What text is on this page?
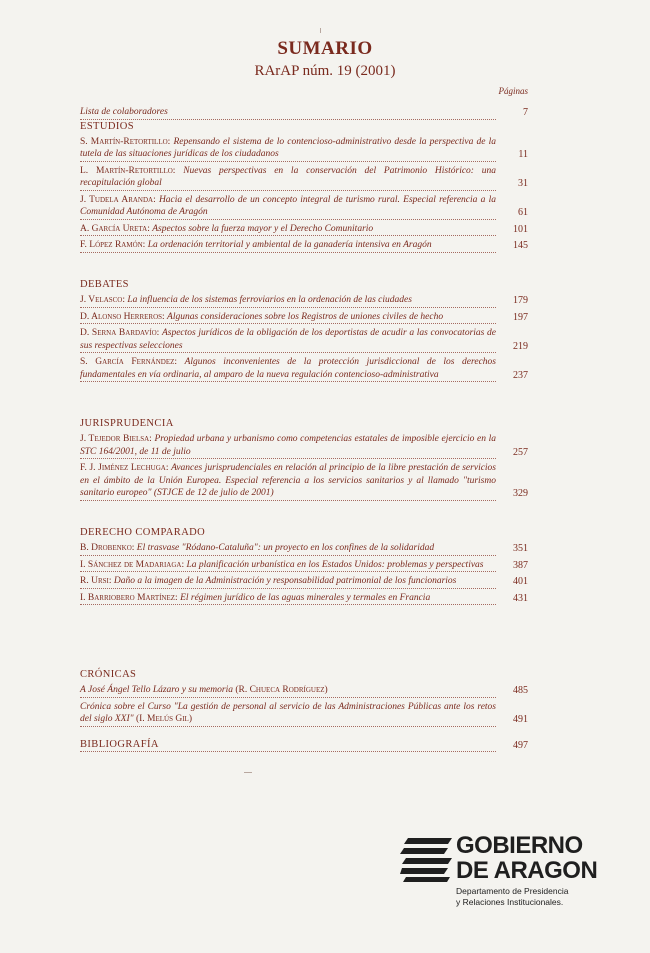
SUMARIO
RArAP núm. 19 (2001)
Páginas
Lista de colaboradores	7
ESTUDIOS
S. Martín-Retortillo: Repensando el sistema de lo contencioso-administrativo desde la perspectiva de la tutela de las situaciones jurídicas de los ciudadanos	11
L. Martín-Retortillo: Nuevas perspectivas en la conservación del Patrimonio Histórico: una recapitulación global	31
J. Tudela Aranda: Hacia el desarrollo de un concepto integral de turismo rural. Especial referencia a la Comunidad Autónoma de Aragón	61
A. García Ureta: Aspectos sobre la fuerza mayor y el Derecho Comunitario	101
F. López Ramón: La ordenación territorial y ambiental de la ganadería intensiva en Aragón	145
DEBATES
J. Velasco: La influencia de los sistemas ferroviarios en la ordenación de las ciudades	179
D. Alonso Herreros: Algunas consideraciones sobre los Registros de uniones civiles de hecho	197
D. Serna Bardavío: Aspectos jurídicos de la obligación de los deportistas de acudir a las convocatorias de sus respectivas selecciones	219
S. García Fernández: Algunos inconvenientes de la protección jurisdiccional de los derechos fundamentales en vía ordinaria, al amparo de la nueva regulación contencioso-administrativa	237
JURISPRUDENCIA
J. Tejedor Bielsa: Propiedad urbana y urbanismo como competencias estatales de imposible ejercicio en la STC 164/2001, de 11 de julio	257
F. J. Jiménez Lechuga: Avances jurisprudenciales en relación al principio de la libre prestación de servicios en el ámbito de la Unión Europea. Especial referencia a los servicios sanitarios y al llamado "turismo sanitario europeo" (STJCE de 12 de julio de 2001)	329
DERECHO COMPARADO
B. Drobenko: El trasvase "Ródano-Cataluña": un proyecto en los confines de la solidaridad	351
I. Sánchez de Madariaga: La planificación urbanística en los Estados Unidos: problemas y perspectivas	387
R. Ursi: Daño a la imagen de la Administración y responsabilidad patrimonial de los funcionarios	401
I. Barriobero Martínez: El régimen jurídico de las aguas minerales y termales en Francia	431
CRÓNICAS
A José Ángel Tello Lázaro y su memoria (R. Chueca Rodríguez)	485
Crónica sobre el Curso "La gestión de personal al servicio de las Administraciones Públicas ante los retos del siglo XXI" (I. Melús Gil)	491
BIBLIOGRAFÍA	497
GOBIERNO
DE ARAGON
Departamento de Presidencia
y Relaciones Institucionales.
